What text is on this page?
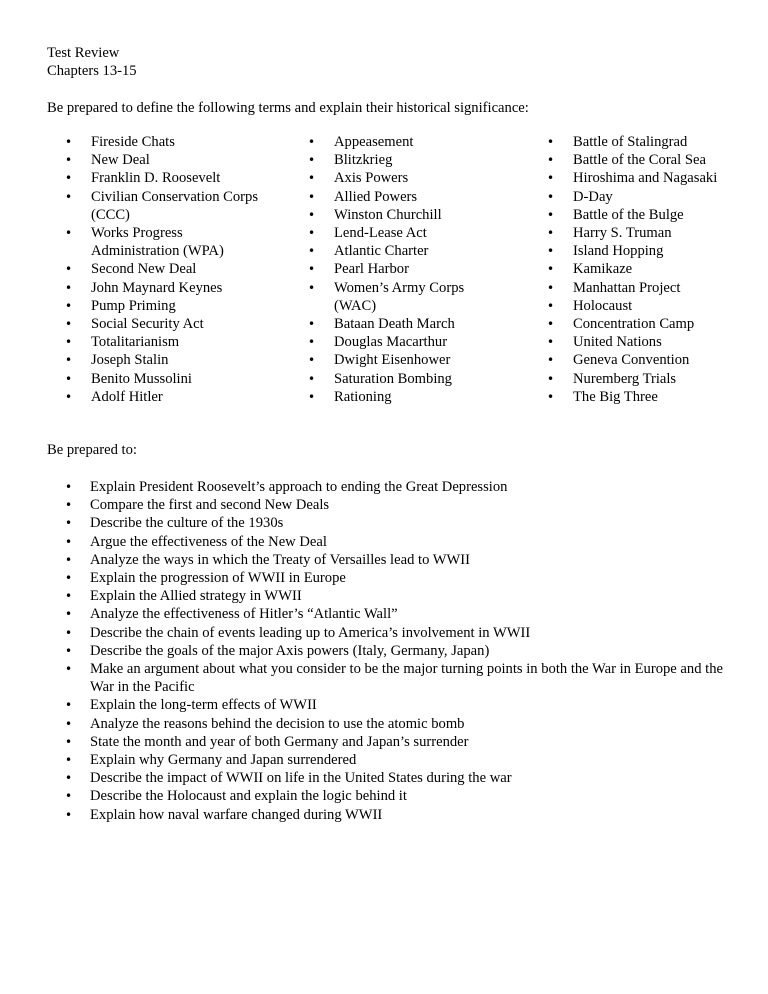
Test Review
Chapters 13-15
Be prepared to define the following terms and explain their historical significance:
• Fireside Chats
• New Deal
• Franklin D. Roosevelt
• Civilian Conservation Corps (CCC)
• Works Progress Administration (WPA)
• Second New Deal
• John Maynard Keynes
• Pump Priming
• Social Security Act
• Totalitarianism
• Joseph Stalin
• Benito Mussolini
• Adolf Hitler
• Appeasement
• Blitzkrieg
• Axis Powers
• Allied Powers
• Winston Churchill
• Lend-Lease Act
• Atlantic Charter
• Pearl Harbor
• Women’s Army Corps (WAC)
• Bataan Death March
• Douglas Macarthur
• Dwight Eisenhower
• Saturation Bombing
• Rationing
• Battle of Stalingrad
• Battle of the Coral Sea
• Hiroshima and Nagasaki
• D-Day
• Battle of the Bulge
• Harry S. Truman
• Island Hopping
• Kamikaze
• Manhattan Project
• Holocaust
• Concentration Camp
• United Nations
• Geneva Convention
• Nuremberg Trials
• The Big Three
Be prepared to:
• Explain President Roosevelt’s approach to ending the Great Depression
• Compare the first and second New Deals
• Describe the culture of the 1930s
• Argue the effectiveness of the New Deal
• Analyze the ways in which the Treaty of Versailles lead to WWII
• Explain the progression of WWII in Europe
• Explain the Allied strategy in WWII
• Analyze the effectiveness of Hitler’s “Atlantic Wall”
• Describe the chain of events leading up to America’s involvement in WWII
• Describe the goals of the major Axis powers (Italy, Germany, Japan)
• Make an argument about what you consider to be the major turning points in both the War in Europe and the War in the Pacific
• Explain the long-term effects of WWII
• Analyze the reasons behind the decision to use the atomic bomb
• State the month and year of both Germany and Japan’s surrender
• Explain why Germany and Japan surrendered
• Describe the impact of WWII on life in the United States during the war
• Describe the Holocaust and explain the logic behind it
• Explain how naval warfare changed during WWII
